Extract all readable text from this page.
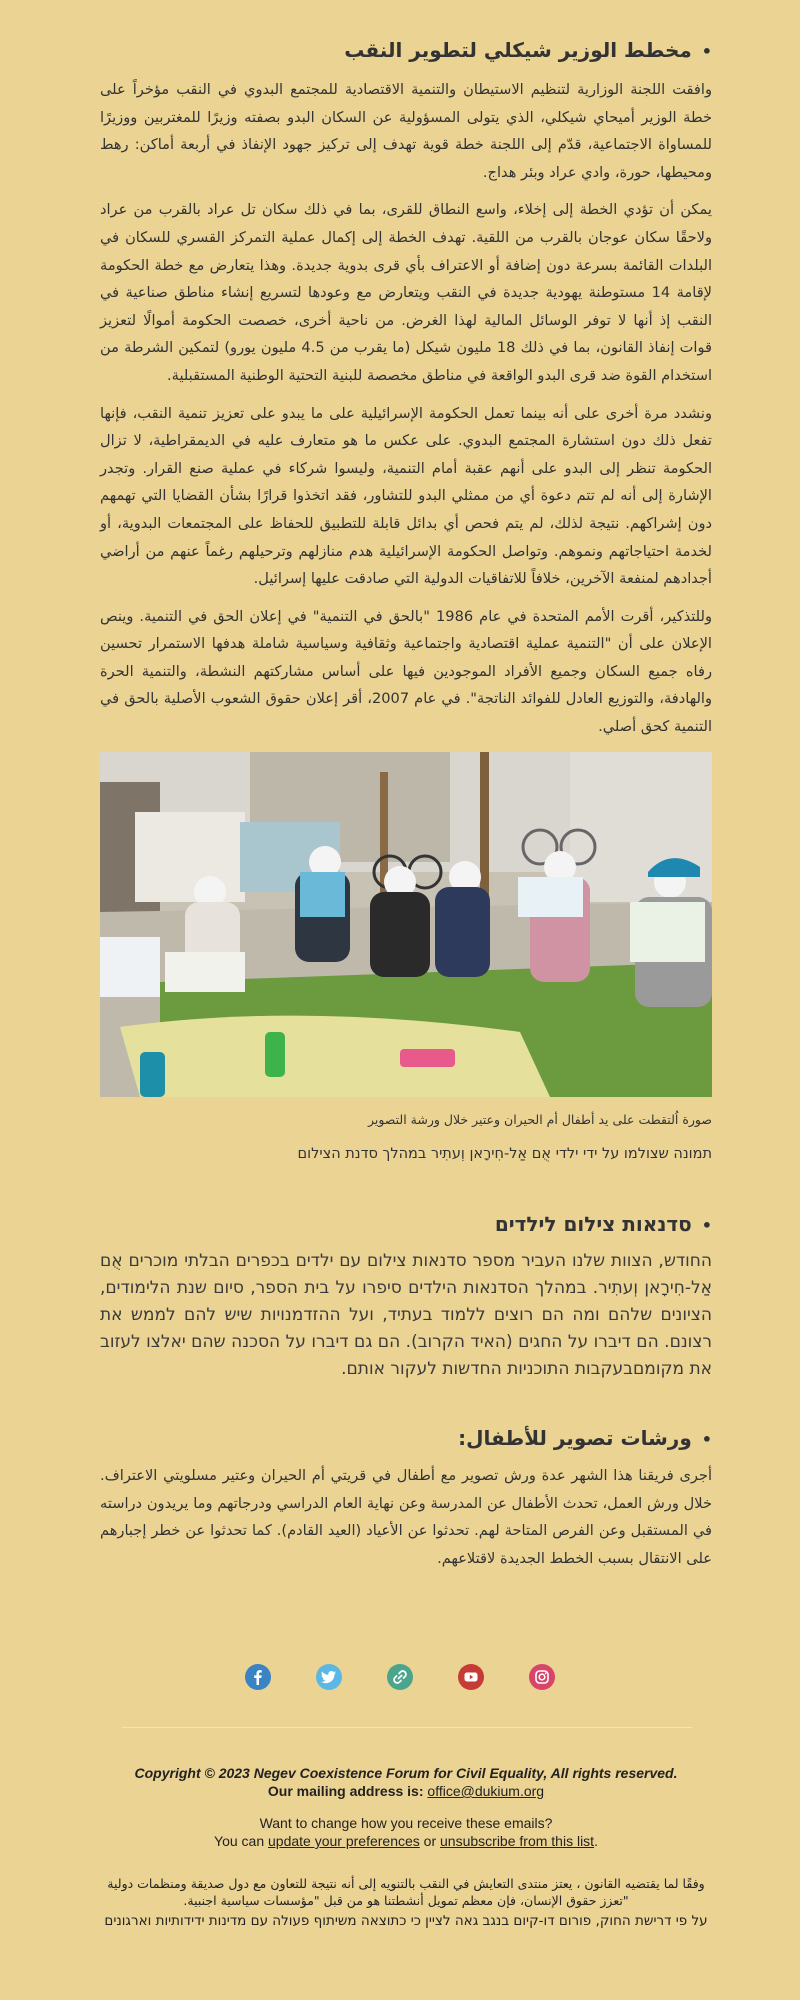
•مخطط الوزير شيكلي لتطوير النقب

وافقت اللجنة الوزارية لتنظيم الاستيطان والتنمية الاقتصادية للمجتمع البدوي في النقب مؤخراً على خطة الوزير أميحاي شيكلي، الذي يتولى المسؤولية عن السكان البدو بصفته وزيرًا للمغتربين ووزيرًا للمساواة الاجتماعية، قدّم إلى اللجنة خطة قوية تهدف إلى تركيز جهود الإنفاذ في أربعة أماكن: رهط ومحيطها، حورة، وادي عراد وبئر هداج.

يمكن أن تؤدي الخطة إلى إخلاء، واسع النطاق للقرى، بما في ذلك سكان تل عراد بالقرب من عراد ولاحقًا سكان عوجان بالقرب من اللقية. تهدف الخطة إلى إكمال عملية التمركز القسري للسكان في البلدات القائمة بسرعة دون إضافة أو الاعتراف بأي قرى بدوية جديدة. وهذا يتعارض مع خطة الحكومة لإقامة 14 مستوطنة يهودية جديدة في النقب ويتعارض مع وعودها لتسريع إنشاء مناطق صناعية في النقب إذ أنها لا توفر الوسائل المالية لهذا الغرض. من ناحية أخرى، خصصت الحكومة أموالًا لتعزيز قوات إنفاذ القانون، بما في ذلك 18 مليون شيكل (ما يقرب من 4.5 مليون يورو) لتمكين الشرطة من استخدام القوة ضد قرى البدو الواقعة في مناطق مخصصة للبنية التحتية الوطنية المستقبلية.

ونشدد مرة أخرى على أنه بينما تعمل الحكومة الإسرائيلية على ما يبدو على تعزيز تنمية النقب، فإنها تفعل ذلك دون استشارة المجتمع البدوي. على عكس ما هو متعارف عليه في الديمقراطية، لا تزال الحكومة تنظر إلى البدو على أنهم عقبة أمام التنمية، وليسوا شركاء في عملية صنع القرار. وتجدر الإشارة إلى أنه لم تتم دعوة أي من ممثلي البدو للتشاور، فقد اتخذوا قرارًا بشأن القضايا التي تهمهم دون إشراكهم. نتيجة لذلك، لم يتم فحص أي بدائل قابلة للتطبيق للحفاظ على المجتمعات البدوية، أو لخدمة احتياجاتهم ونموهم. وتواصل الحكومة الإسرائيلية هدم منازلهم وترحيلهم رغماً عنهم من أراضي أجدادهم لمنفعة الآخرين، خلافاً للاتفاقيات الدولية التي صادقت عليها إسرائيل.

وللتذكير، أقرت الأمم المتحدة في عام 1986 "بالحق في التنمية" في إعلان الحق في التنمية. وينص الإعلان على أن "التنمية عملية اقتصادية واجتماعية وثقافية وسياسية شاملة هدفها الاستمرار تحسين رفاه جميع السكان وجميع الأفراد الموجودين فيها على أساس مشاركتهم النشطة، والتنمية الحرة والهادفة، والتوزيع العادل للفوائد الناتجة". في عام 2007، أقر إعلان حقوق الشعوب الأصلية بالحق في التنمية كحق أصلي.

صورة اُلتقطت على يد أطفال أم الحيران وعتير خلال ورشة التصوير
תמונה שצולמו על ידי ילדי אֻם אַל-חִירָאן וְעתִיר במהלך סדנת הצילום
•סדנאות צילום לילדים

החודש, הצוות שלנו העביר מספר סדנאות צילום עם ילדים בכפרים הבלתי מוכרים אֻם אַל-חִירָאן וְעתִיר. במהלך הסדנאות הילדים סיפרו על בית הספר, סיום שנת הלימודים, הציונים שלהם ומה הם רוצים ללמוד בעתיד, ועל ההזדמנויות שיש להם לממש את רצונם. הם דיברו על החגים (האיד הקרוב). הם גם דיברו על הסכנה שהם יאלצו לעזוב את מקומםבעקבות התוכניות החדשות לעקור אותם.

•ورشات تصوير للأطفال:

أجرى فريقنا هذا الشهر عدة ورش تصوير مع أطفال في قريتي أم الحيران وعتير مسلويتي الاعتراف. خلال ورش العمل، تحدث الأطفال عن المدرسة وعن نهاية العام الدراسي ودرجاتهم وما يريدون دراسته في المستقبل وعن الفرص المتاحة لهم. تحدثوا عن الأعياد (العيد القادم). كما تحدثوا عن خطر إجبارهم على الانتقال بسبب الخطط الجديدة لاقتلاعهم.

Copyright © 2023 Negev Coexistence Forum for Civil Equality, All rights reserved.
Our mailing address is: office@dukium.org
Want to change how you receive these emails?
You can update your preferences or unsubscribe from this list.
وفقًا لما يقتضيه القانون ، يعتز منتدى التعايش في النقب بالتنويه إلى أنه نتيجة للتعاون مع دول صديقة ومنظمات دولية "تعزز حقوق الإنسان، فإن معظم تمويل أنشطتنا هو من قبل "مؤسسات سياسية اجنبية.
על פי דרישת החוק, פורום דו-קיום בנגב גאה לציין כי כתוצאה משיתוף פעולה עם מדינות ידידותיות וארגונים
